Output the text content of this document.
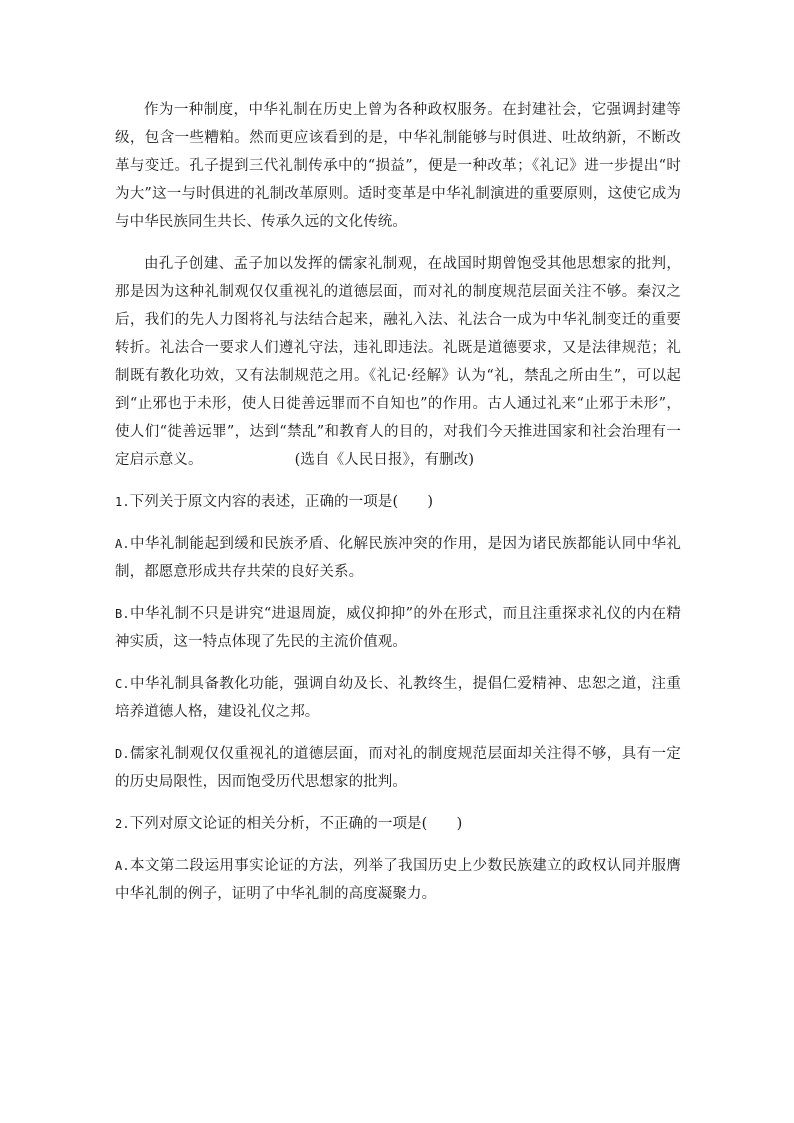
作为一种制度，中华礼制在历史上曾为各种政权服务。在封建社会，它强调封建等级，包含一些糟粕。然而更应该看到的是，中华礼制能够与时俱进、吐故纳新，不断改革与变迁。孔子提到三代礼制传承中的“损益”，便是一种改革；《礼记》进一步提出“时为大”这一与时俱进的礼制改革原则。适时变革是中华礼制演进的重要原则，这使它成为与中华民族同生共长、传承久远的文化传统。

由孔子创建、孟子加以发挥的儒家礼制观，在战国时期曾饱受其他思想家的批判，那是因为这种礼制观仅仅重视礼的道德层面，而对礼的制度规范层面关注不够。秦汉之后，我们的先人力图将礼与法结合起来，融礼入法、礼法合一成为中华礼制变迁的重要转折。礼法合一要求人们遵礼守法，违礼即违法。礼既是道德要求，又是法律规范；礼制既有教化功效，又有法制规范之用。《礼记·经解》认为“礼，禁乱之所由生”，可以起到“止邪也于未形，使人日徙善远罪而不自知也”的作用。古人通过礼来“止邪于未形”，使人们“徙善远罪”，达到“禁乱”和教育人的目的，对我们今天推进国家和社会治理有一定启示意义。	(选自《人民日报》，有删改)

1.下列关于原文内容的表述，正确的一项是(　　)

A.中华礼制能起到缓和民族矛盾、化解民族冲突的作用，是因为诸民族都能认同中华礼制，都愿意形成共存共荣的良好关系。

B.中华礼制不只是讲究“进退周旋，威仪抑抑”的外在形式，而且注重探求礼仪的内在精神实质，这一特点体现了先民的主流价值观。

C.中华礼制具备教化功能，强调自幼及长、礼教终生，提倡仁爱精神、忠恕之道，注重培养道德人格，建设礼仪之邦。

D.儒家礼制观仅仅重视礼的道德层面，而对礼的制度规范层面却关注得不够，具有一定的历史局限性，因而饱受历代思想家的批判。

2.下列对原文论证的相关分析，不正确的一项是(　　)

A.本文第二段运用事实论证的方法，列举了我国历史上少数民族建立的政权认同并服膺中华礼制的例子，证明了中华礼制的高度凝聚力。
